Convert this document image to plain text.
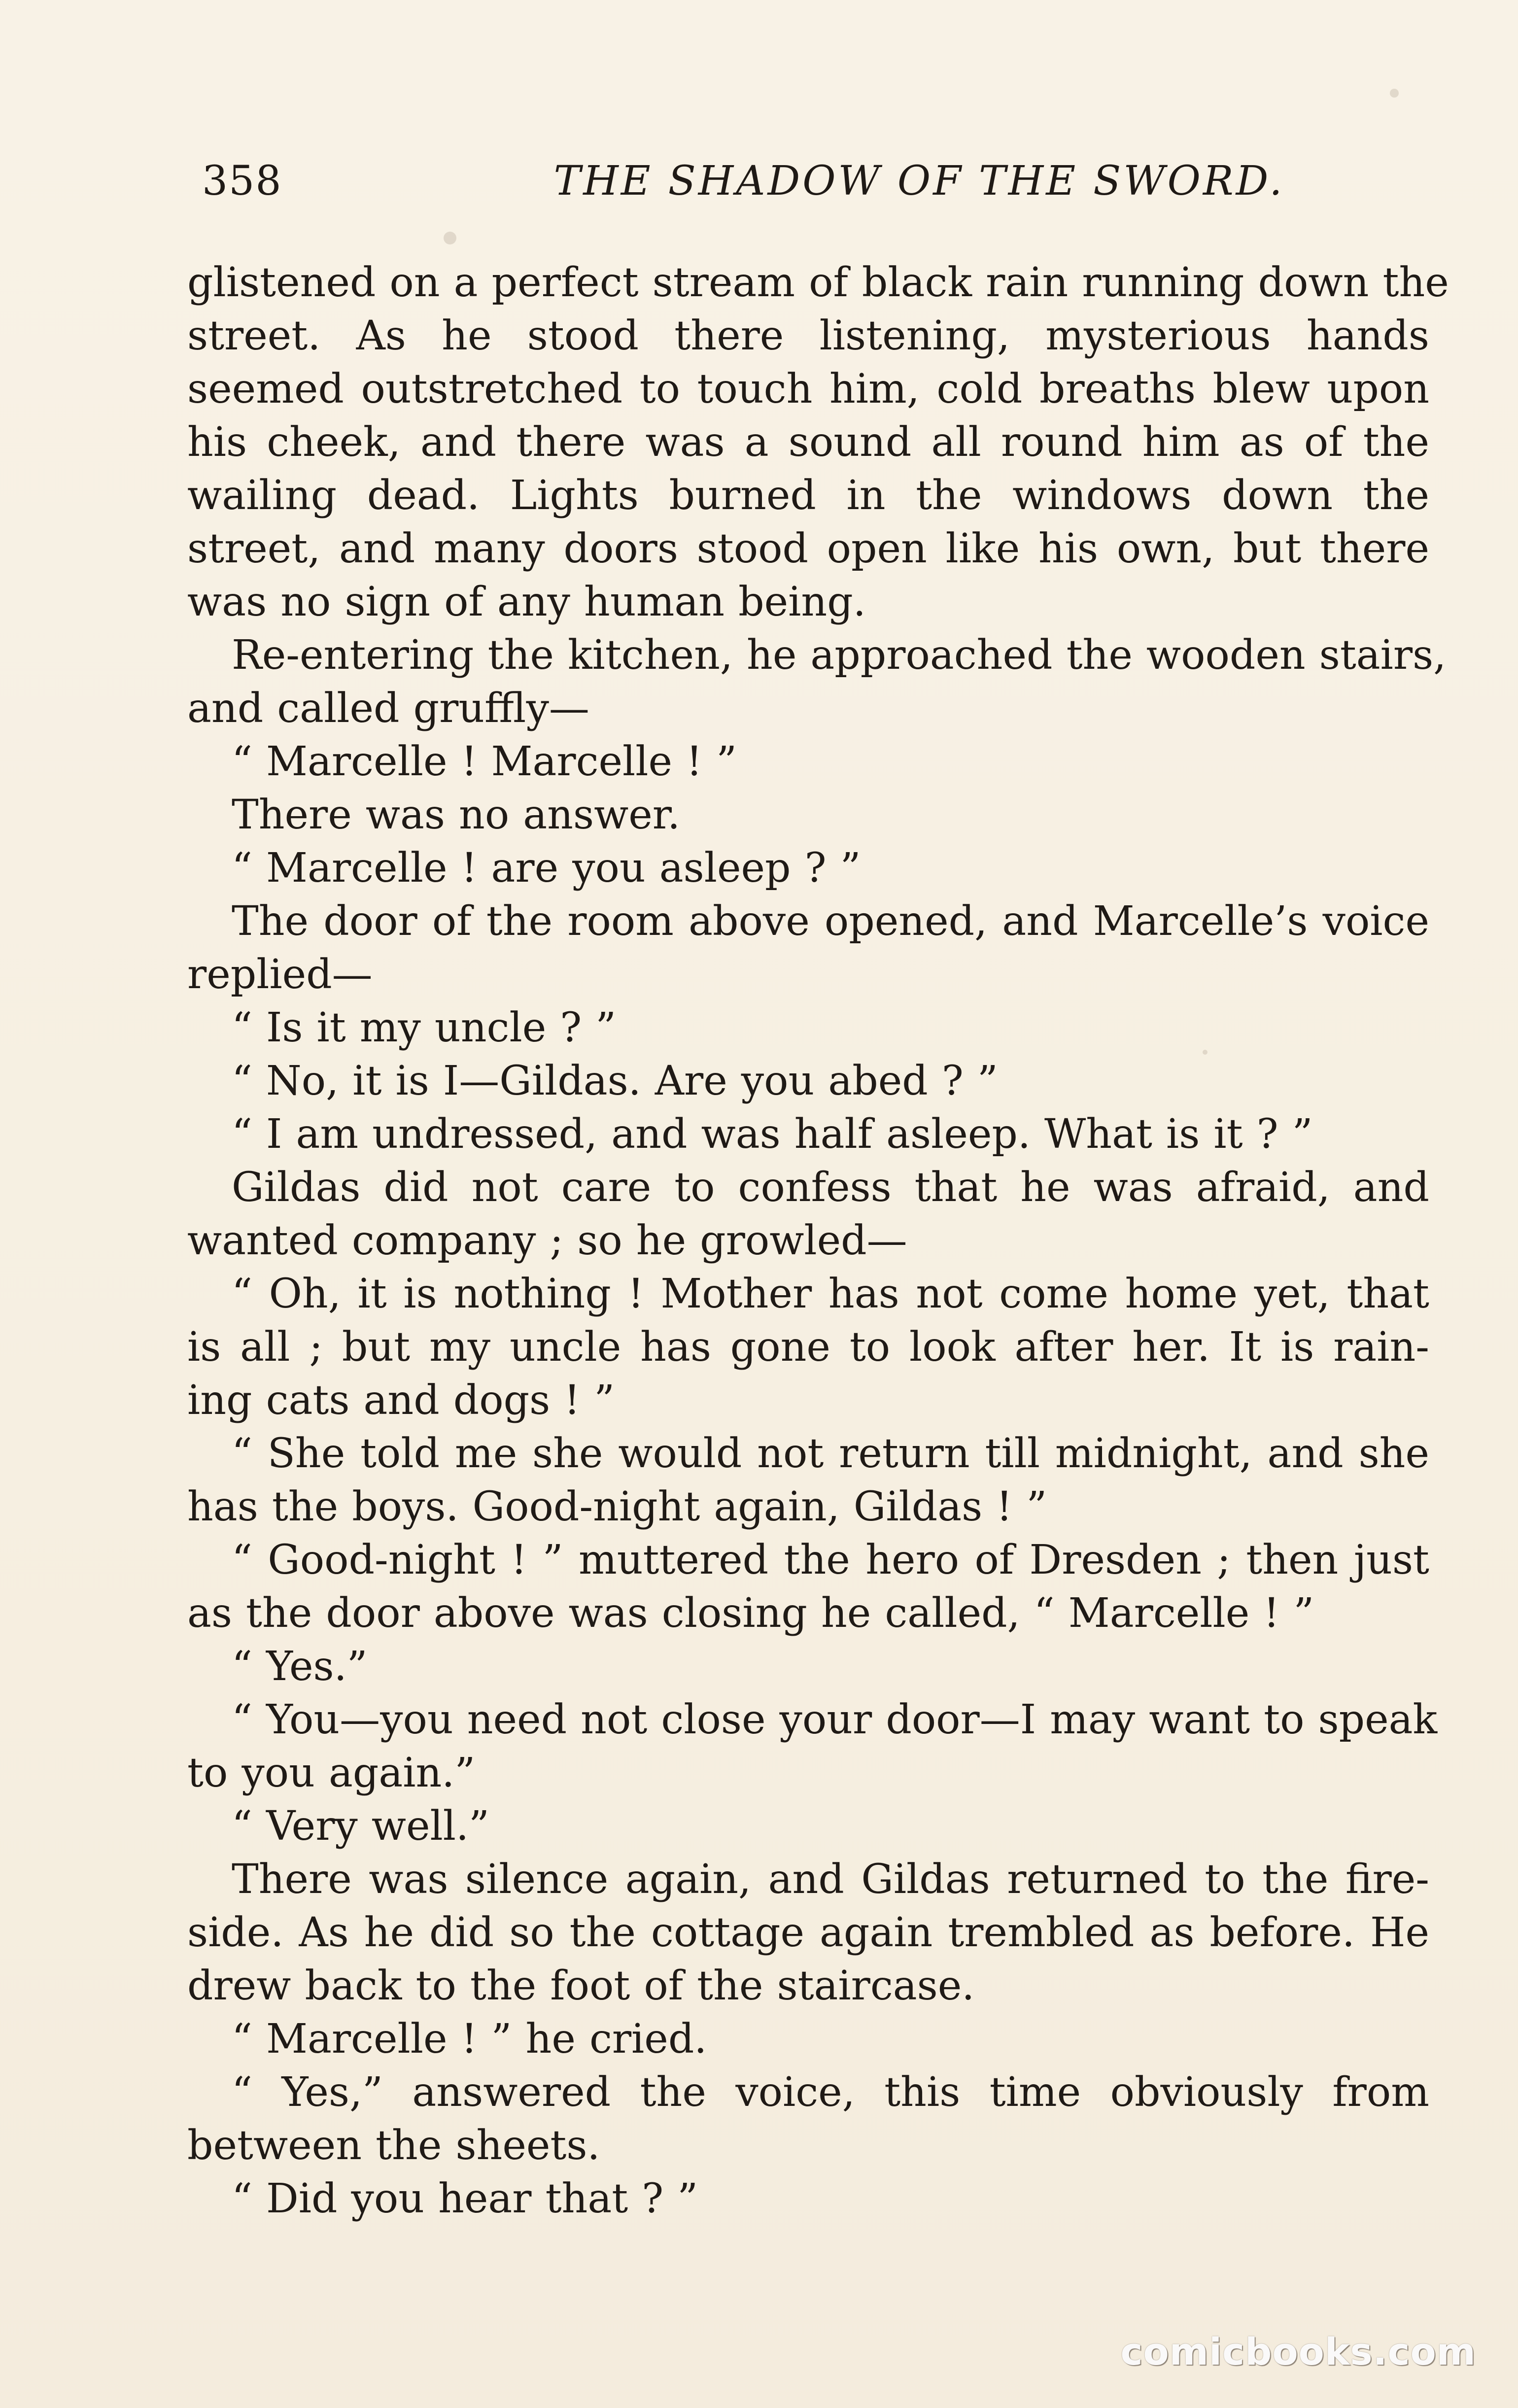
358	THE SHADOW OF THE SWORD.
glistened on a perfect stream of black rain running down the
street. As he stood there listening, mysterious hands
seemed outstretched to touch him, cold breaths blew upon
his cheek, and there was a sound all round him as of the
wailing dead. Lights burned in the windows down the
street, and many doors stood open like his own, but there
was no sign of any human being.
Re-entering the kitchen, he approached the wooden stairs,
and called gruffly—
“ Marcelle ! Marcelle ! ”
There was no answer.
“ Marcelle ! are you asleep ? ”
The door of the room above opened, and Marcelle’s voice
replied—
“ Is it my uncle ? ”
“ No, it is I—Gildas. Are you abed ? ”
“ I am undressed, and was half asleep. What is it ? ”
Gildas did not care to confess that he was afraid, and
wanted company ; so he growled—
“ Oh, it is nothing ! Mother has not come home yet, that
is all ; but my uncle has gone to look after her. It is rain-
ing cats and dogs ! ”
“ She told me she would not return till midnight, and she
has the boys. Good-night again, Gildas ! ”
“ Good-night ! ” muttered the hero of Dresden ; then just
as the door above was closing he called, “ Marcelle ! ”
“ Yes.”
“ You—you need not close your door—I may want to speak
to you again.”
“ Very well.”
There was silence again, and Gildas returned to the fire-
side. As he did so the cottage again trembled as before. He
drew back to the foot of the staircase.
“ Marcelle ! ” he cried.
“ Yes,” answered the voice, this time obviously from
between the sheets.
“ Did you hear that ? ”
comicbooks.com
